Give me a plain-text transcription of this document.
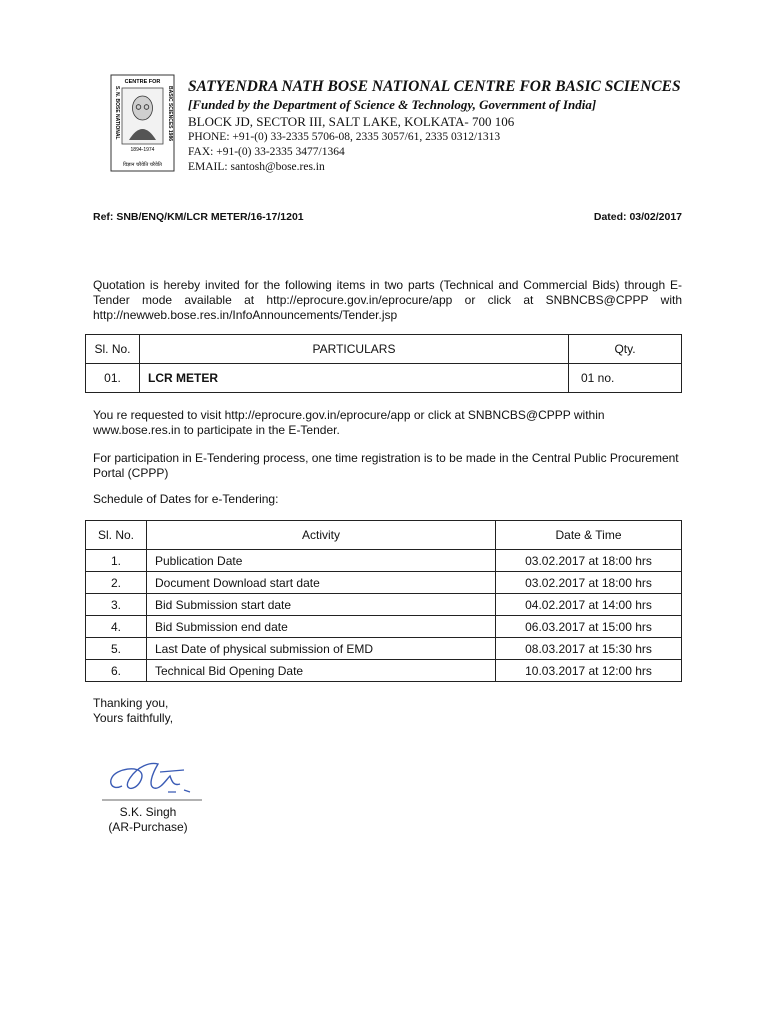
CENTRE FOR
S. N. BOSE NATIONAL	BASIC SCIENCES 1986
1894-1974
विज्ञान चरैवेति चरैवेति
SATYENDRA NATH BOSE NATIONAL CENTRE FOR BASIC SCIENCES
[Funded by the Department of Science & Technology, Government of India]
BLOCK JD, SECTOR III, SALT LAKE, KOLKATA- 700 106
PHONE: +91-(0) 33-2335 5706-08, 2335 3057/61, 2335 0312/1313
FAX: +91-(0) 33-2335 3477/1364
EMAIL: santosh@bose.res.in
Ref: SNB/ENQ/KM/LCR METER/16-17/1201	Dated: 03/02/2017
Quotation is hereby invited for the following items in two parts (Technical and Commercial Bids) through E-Tender mode available at http://eprocure.gov.in/eprocure/app or click at SNBNCBS@CPPP with http://newweb.bose.res.in/InfoAnnouncements/Tender.jsp
Sl. No.	PARTICULARS	Qty.
01.	LCR METER	01 no.
You re requested to visit http://eprocure.gov.in/eprocure/app or click at SNBNCBS@CPPP within www.bose.res.in to participate in the E-Tender.
For participation in E-Tendering process, one time registration is to be made in the Central Public Procurement Portal (CPPP)
Schedule of Dates for e-Tendering:
Sl. No.	Activity	Date & Time
1.	Publication Date	03.02.2017 at 18:00 hrs
2.	Document Download start date	03.02.2017 at 18:00 hrs
3.	Bid Submission start date	04.02.2017 at 14:00 hrs
4.	Bid Submission end date	06.03.2017 at 15:00 hrs
5.	Last Date of physical submission of EMD	08.03.2017 at 15:30 hrs
6.	Technical Bid Opening Date	10.03.2017 at 12:00 hrs
Thanking you,
Yours faithfully,
S.K. Singh
(AR-Purchase)
